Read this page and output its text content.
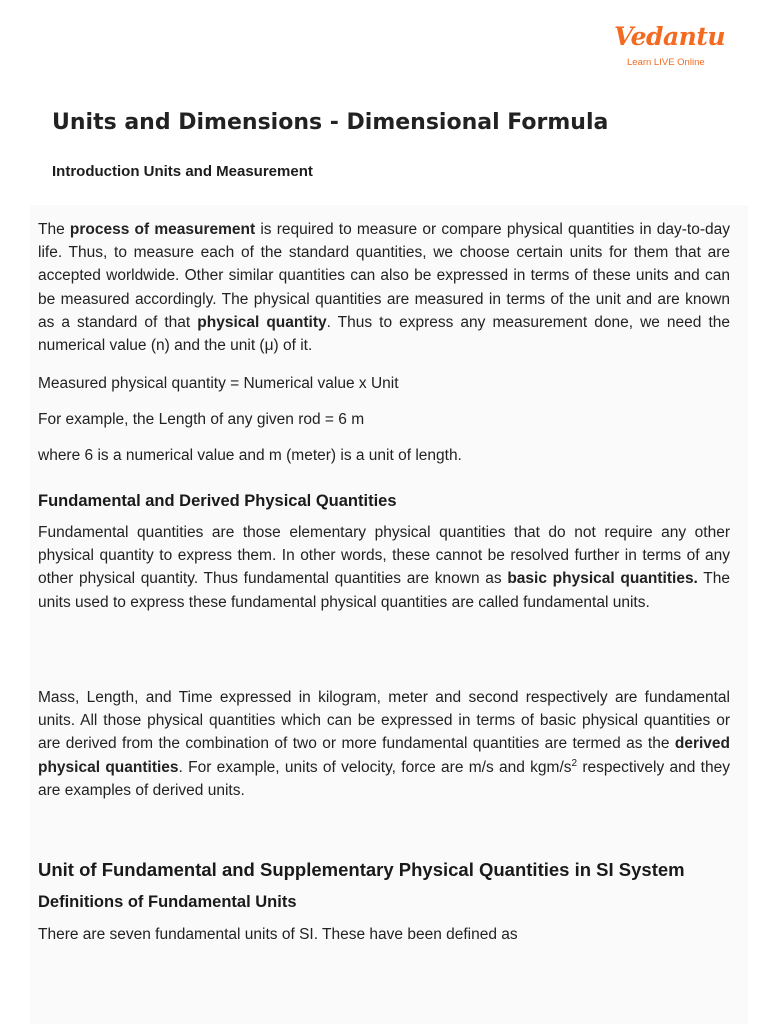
Vedantu
Learn LIVE Online
Units and Dimensions - Dimensional Formula
Introduction Units and Measurement

The process of measurement is required to measure or compare physical quantities in day-to-day life. Thus, to measure each of the standard quantities, we choose certain units for them that are accepted worldwide. Other similar quantities can also be expressed in terms of these units and can be measured accordingly. The physical quantities are measured in terms of the unit and are known as a standard of that physical quantity. Thus to express any measurement done, we need the numerical value (n) and the unit (μ) of it.

Measured physical quantity = Numerical value x Unit

For example, the Length of any given rod = 6 m

where 6 is a numerical value and m (meter) is a unit of length.

Fundamental and Derived Physical Quantities

Fundamental quantities are those elementary physical quantities that do not require any other physical quantity to express them. In other words, these cannot be resolved further in terms of any other physical quantity. Thus fundamental quantities are known as basic physical quantities. The units used to express these fundamental physical quantities are called fundamental units.

Mass, Length, and Time expressed in kilogram, meter and second respectively are fundamental units. All those physical quantities which can be expressed in terms of basic physical quantities or are derived from the combination of two or more fundamental quantities are termed as the derived physical quantities. For example, units of velocity, force are m/s and kgm/$s^2$ respectively and they are examples of derived units.

Unit of Fundamental and Supplementary Physical Quantities in SI System
Definitions of Fundamental Units

There are seven fundamental units of SI. These have been defined as
